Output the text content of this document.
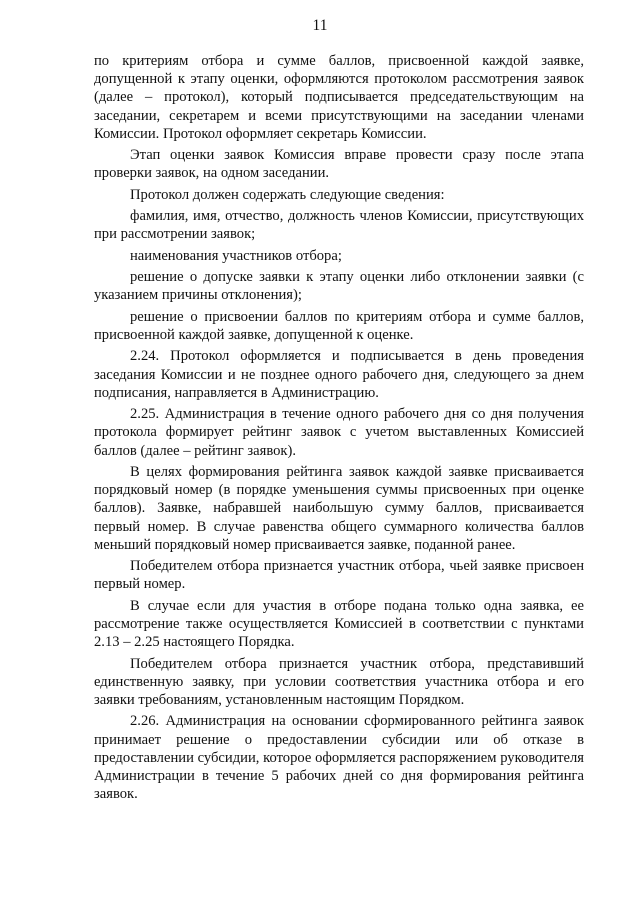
11

по критериям отбора и сумме баллов, присвоенной каждой заявке, допущенной к этапу оценки, оформляются протоколом рассмотрения заявок (далее – протокол), который подписывается председательствующим на заседании, секретарем и всеми присутствующими на заседании членами Комиссии. Протокол оформляет секретарь Комиссии.

Этап оценки заявок Комиссия вправе провести сразу после этапа проверки заявок, на одном заседании.

Протокол должен содержать следующие сведения:

фамилия, имя, отчество, должность членов Комиссии, присутствующих при рассмотрении заявок;

наименования участников отбора;

решение о допуске заявки к этапу оценки либо отклонении заявки (с указанием причины отклонения);

решение о присвоении баллов по критериям отбора и сумме баллов, присвоенной каждой заявке, допущенной к оценке.

2.24. Протокол оформляется и подписывается в день проведения заседания Комиссии и не позднее одного рабочего дня, следующего за днем подписания, направляется в Администрацию.

2.25. Администрация в течение одного рабочего дня со дня получения протокола формирует рейтинг заявок с учетом выставленных Комиссией баллов (далее – рейтинг заявок).

В целях формирования рейтинга заявок каждой заявке присваивается порядковый номер (в порядке уменьшения суммы присвоенных при оценке баллов). Заявке, набравшей наибольшую сумму баллов, присваивается первый номер. В случае равенства общего суммарного количества баллов меньший порядковый номер присваивается заявке, поданной ранее.

Победителем отбора признается участник отбора, чьей заявке присвоен первый номер.

В случае если для участия в отборе подана только одна заявка, ее рассмотрение также осуществляется Комиссией в соответствии с пунктами 2.13 – 2.25 настоящего Порядка.

Победителем отбора признается участник отбора, представивший единственную заявку, при условии соответствия участника отбора и его заявки требованиям, установленным настоящим Порядком.

2.26. Администрация на основании сформированного рейтинга заявок принимает решение о предоставлении субсидии или об отказе в предоставлении субсидии, которое оформляется распоряжением руководителя Администрации в течение 5 рабочих дней со дня формирования рейтинга заявок.
